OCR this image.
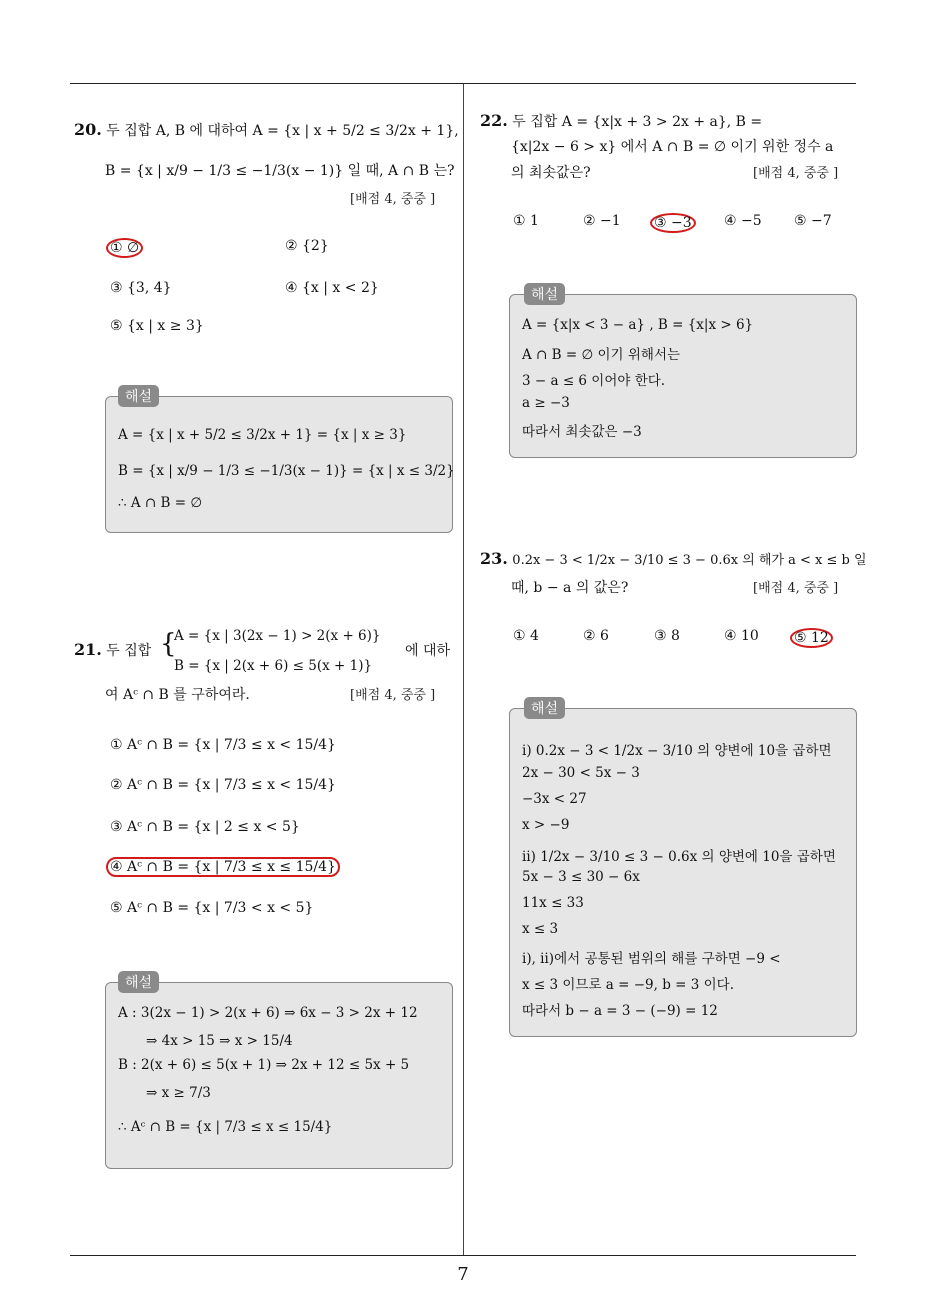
7
20. 두 집합 A, B 에 대하여 A = {x | x + 5/2 ≤ 3/2x + 1},
B = {x | x/9 − 1/3 ≤ −1/3(x − 1)} 일 때, A ∩ B 는?
[배점 4, 중중 ]
① ∅	② {2}
③ {3, 4}	④ {x | x < 2}
⑤ {x | x ≥ 3}
A = {x | x + 5/2 ≤ 3/2x + 1} = {x | x ≥ 3}
B = {x | x/9 − 1/3 ≤ −1/3(x − 1)} = {x | x ≤ 3/2}
∴ A ∩ B = ∅
해설
21. 두 집합 {
A = {x | 3(2x − 1) > 2(x + 6)}
B = {x | 2(x + 6) ≤ 5(x + 1)}
에 대하
여 Aᶜ ∩ B 를 구하여라.	[배점 4, 중중 ]
① Aᶜ ∩ B = {x | 7/3 ≤ x < 15/4}
② Aᶜ ∩ B = {x | 7/3 ≤ x < 15/4}
③ Aᶜ ∩ B = {x | 2 ≤ x < 5}
④ Aᶜ ∩ B = {x | 7/3 ≤ x ≤ 15/4}
⑤ Aᶜ ∩ B = {x | 7/3 < x < 5}
A : 3(2x − 1) > 2(x + 6) ⇒ 6x − 3 > 2x + 12
⇒ 4x > 15 ⇒ x > 15/4
B : 2(x + 6) ≤ 5(x + 1) ⇒ 2x + 12 ≤ 5x + 5
⇒ x ≥ 7/3
∴ Aᶜ ∩ B = {x | 7/3 ≤ x ≤ 15/4}
해설
22. 두 집합 A = {x|x + 3 > 2x + a}, B =
{x|2x − 6 > x} 에서 A ∩ B = ∅ 이기 위한 정수 a
의 최솟값은?	[배점 4, 중중 ]
① 1	② −1 ③ −3 ④ −5 ⑤ −7
A = {x|x < 3 − a} , B = {x|x > 6}
A ∩ B = ∅ 이기 위해서는
3 − a ≤ 6 이어야 한다.
a ≥ −3
따라서 최솟값은 −3
해설
23. 0.2x − 3 < 1/2x − 3/10 ≤ 3 − 0.6x 의 해가 a < x ≤ b 일
때, b − a 의 값은?	[배점 4, 중중 ]
① 4	② 6	③ 8	④ 10	⑤ 12
ⅰ) 0.2x − 3 < 1/2x − 3/10 의 양변에 10을 곱하면
2x − 30 < 5x − 3
−3x < 27
x > −9
ⅱ) 1/2x − 3/10 ≤ 3 − 0.6x 의 양변에 10을 곱하면
5x − 3 ≤ 30 − 6x
11x ≤ 33
x ≤ 3
ⅰ), ⅱ)에서 공통된 범위의 해를 구하면 −9 <
x ≤ 3 이므로 a = −9, b = 3 이다.
따라서 b − a = 3 − (−9) = 12
해설
